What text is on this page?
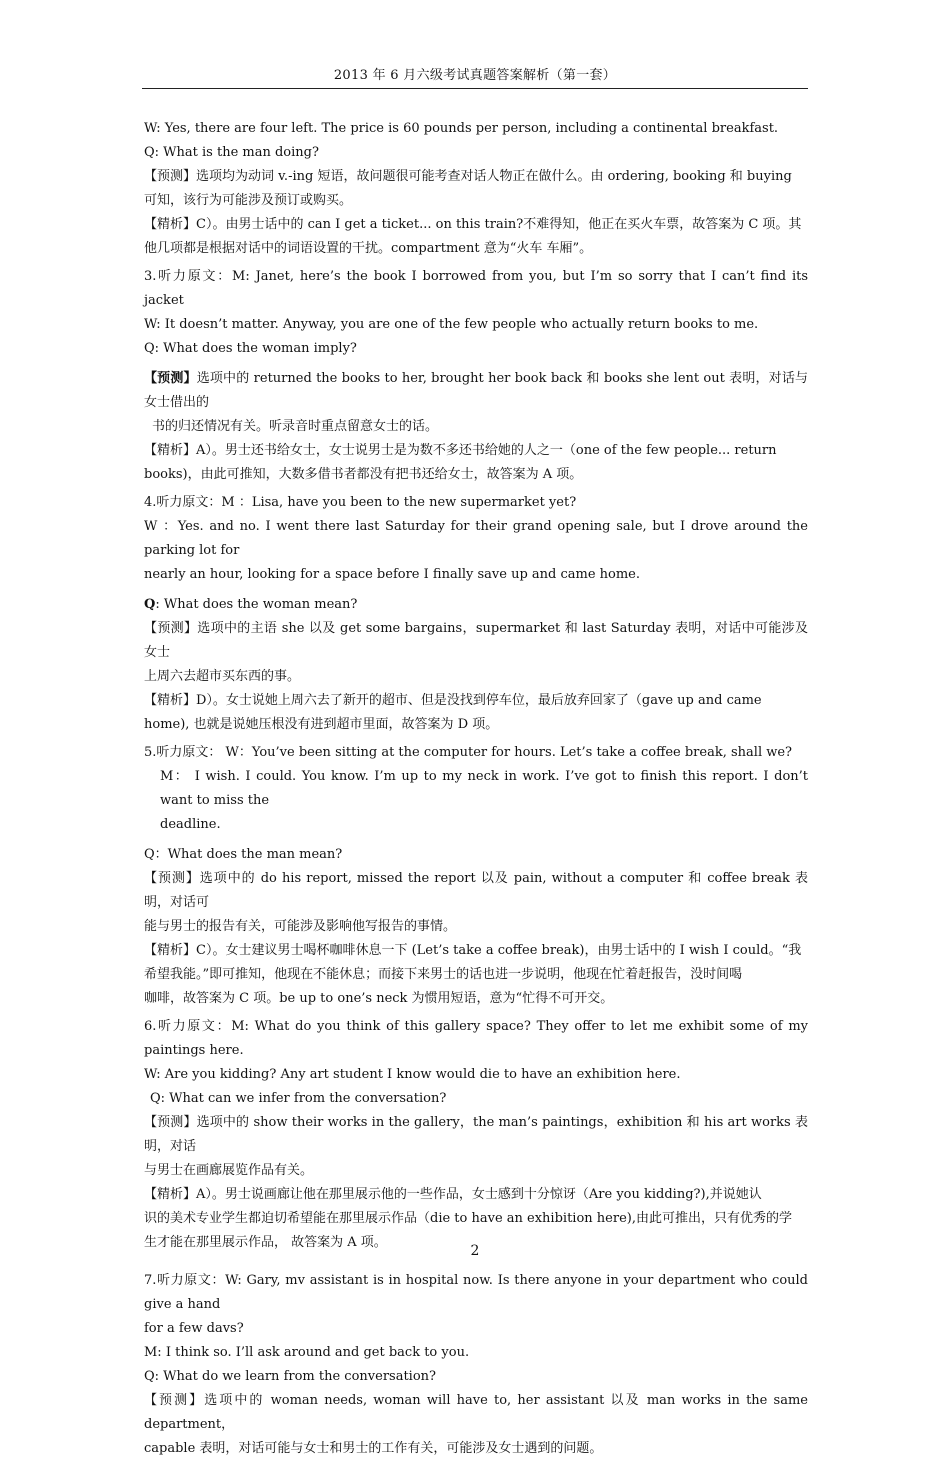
2013 年 6 月六级考试真题答案解析（第一套）

W: Yes, there are four left. The price is 60 pounds per person, including a continental breakfast.

Q: What is the man doing?

【预测】选项均为动词 v.-ing 短语，故问题很可能考查对话人物正在做什么。由 ordering, booking 和 buying

可知，该行为可能涉及预订或购买。

【精析】C）。由男士话中的 can I get a ticket... on this train?不难得知，他正在买火车票，故答案为 C 项。其

他几项都是根据对话中的词语设置的干扰。compartment 意为“火车 车厢”。

3.听力原文：M: Janet, here’s the book I borrowed from you, but I’m so sorry that I can’t find its jacket

W: It doesn’t matter. Anyway, you are one of the few people who actually return books to me.

Q: What does the woman imply?

【预测】选项中的 returned the books to her, brought her book back 和 books she lent out 表明，对话与女士借出的

书的归还情况有关。听录音时重点留意女士的话。

【精析】A）。男士还书给女士，女士说男士是为数不多还书给她的人之一（one of the few people... return

books)，由此可推知，大数多借书者都没有把书还给女士，故答案为 A 项。

4.听力原文：M ：Lisa, have you been to the new supermarket yet?

W ：Yes. and no. I went there last Saturday for their grand opening sale, but I drove around the parking lot for

nearly an hour, looking for a space before I finally save up and came home.

Q: What does the woman mean?

【预测】选项中的主语 she 以及 get some bargains，supermarket 和 last Saturday 表明，对话中可能涉及女士

上周六去超市买东西的事。

【精析】D）。女士说她上周六去了新开的超市、但是没找到停车位，最后放弃回家了（gave up and came

home), 也就是说她压根没有进到超市里面，故答案为 D 项。

5.听力原文： W：You’ve been sitting at the computer for hours. Let’s take a coffee break, shall we?

M： I wish. I could. You know. I’m up to my neck in work. I’ve got to finish this report. I don’t want to miss the

deadline.

Q：What does the man mean?

【预测】选项中的 do his report, missed the report 以及 pain, without a computer 和 coffee break 表明，对话可

能与男士的报告有关，可能涉及影响他写报告的事情。

【精析】C）。女士建议男士喝杯咖啡休息一下 (Let’s take a coffee break)，由男士话中的 I wish I could。“我

希望我能。”即可推知，他现在不能休息；而接下来男士的话也进一步说明，他现在忙着赶报告，没时间喝

咖啡，故答案为 C 项。be up to one’s neck 为惯用短语，意为“忙得不可开交。

6.听力原文：M: What do you think of this gallery space? They offer to let me exhibit some of my paintings here.

W: Are you kidding? Any art student I know would die to have an exhibition here.

Q: What can we infer from the conversation?

【预测】选项中的 show their works in the gallery，the man’s paintings，exhibition 和 his art works 表明，对话

与男士在画廊展览作品有关。

【精析】A）。男士说画廊让他在那里展示他的一些作品，女士感到十分惊讶（Are you kidding?),并说她认

识的美术专业学生都迫切希望能在那里展示作品（die to have an exhibition here),由此可推出，只有优秀的学

生才能在那里展示作品， 故答案为 A 项。

7.听力原文：W: Gary, mv assistant is in hospital now. Is there anyone in your department who could give a hand

for a few davs?

M: I think so. I’ll ask around and get back to you.

Q: What do we learn from the conversation?

【预测】选项中的 woman needs, woman will have to, her assistant 以及 man works in the same department，

capable 表明，对话可能与女士和男士的工作有关，可能涉及女士遇到的问题。

2
